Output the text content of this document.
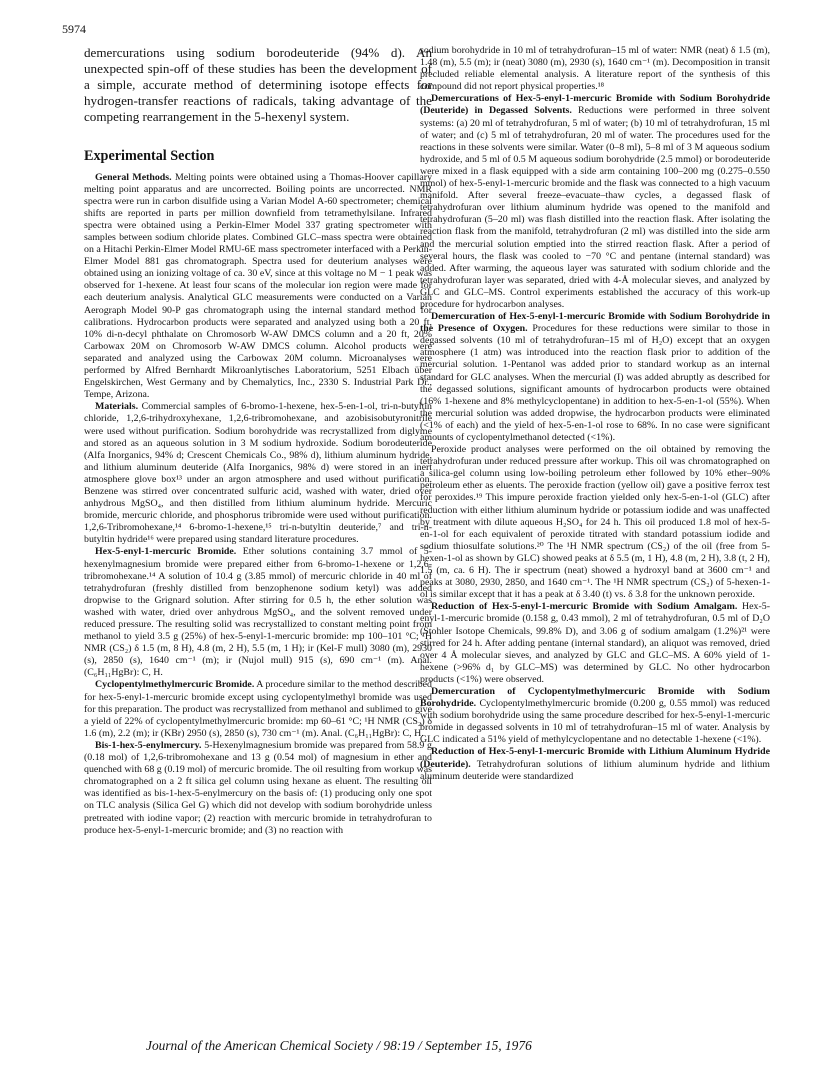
5974

demercurations using sodium borodeuteride (94% d). An unexpected spin-off of these studies has been the development of a simple, accurate method of determining isotope effects for hydrogen-transfer reactions of radicals, taking advantage of the competing rearrangement in the 5-hexenyl system.

Experimental Section

General Methods. Melting points were obtained using a Thomas-Hoover capillary melting point apparatus and are uncorrected. Boiling points are uncorrected. NMR spectra were run in carbon disulfide using a Varian Model A-60 spectrometer; chemical shifts are reported in parts per million downfield from tetramethylsilane. Infrared spectra were obtained using a Perkin-Elmer Model 337 grating spectrometer with samples between sodium chloride plates. Combined GLC–mass spectra were obtained on a Hitachi Perkin-Elmer Model RMU-6E mass spectrometer interfaced with a Perkin-Elmer Model 881 gas chromatograph. Spectra used for deuterium analyses were obtained using an ionizing voltage of ca. 30 eV, since at this voltage no M − 1 peak was observed for 1-hexene. At least four scans of the molecular ion region were made for each deuterium analysis. Analytical GLC measurements were conducted on a Varian Aerograph Model 90-P gas chromatograph using the internal standard method for calibrations. Hydrocarbon products were separated and analyzed using both a 20 ft, 10% di-n-decyl phthalate on Chromosorb W-AW DMCS column and a 20 ft, 20% Carbowax 20M on Chromosorb W-AW DMCS column. Alcohol products were separated and analyzed using the Carbowax 20M column. Microanalyses were performed by Alfred Bernhardt Mikroanlytisches Laboratorium, 5251 Elbach über Engelskirchen, West Germany and by Chemalytics, Inc., 2330 S. Industrial Park Dr., Tempe, Arizona.

Materials. Commercial samples of 6-bromo-1-hexene, hex-5-en-1-ol, tri-n-butyltin chloride, 1,2,6-trihydroxyhexane, 1,2,6-tribromohexane, and azobisisobutyronitrile were used without purification. Sodium borohydride was recrystallized from diglyme and stored as an aqueous solution in 3 M sodium hydroxide. Sodium borodeuteride (Alfa Inorganics, 94% d; Crescent Chemicals Co., 98% d), lithium aluminum hydride, and lithium aluminum deuteride (Alfa Inorganics, 98% d) were stored in an inert atmosphere glove box¹³ under an argon atmosphere and used without purification. Benzene was stirred over concentrated sulfuric acid, washed with water, dried over anhydrous MgSO₄, and then distilled from lithium aluminum hydride. Mercuric bromide, mercuric chloride, and phosphorus tribromide were used without purification. 1,2,6-Tribromohexane,¹⁴ 6-bromo-1-hexene,¹⁵ tri-n-butyltin deuteride,⁷ and tri-n-butyltin hydride¹⁶ were prepared using standard literature procedures.

Hex-5-enyl-1-mercuric Bromide. Ether solutions containing 3.7 mmol of 5-hexenylmagnesium bromide were prepared either from 6-bromo-1-hexene or 1,2,6-tribromohexane.¹⁴ A solution of 10.4 g (3.85 mmol) of mercuric chloride in 40 ml of tetrahydrofuran (freshly distilled from benzophenone sodium ketyl) was added dropwise to the Grignard solution. After stirring for 0.5 h, the ether solution was washed with water, dried over anhydrous MgSO₄, and the solvent removed under reduced pressure. The resulting solid was recrystallized to constant melting point from methanol to yield 3.5 g (25%) of hex-5-enyl-1-mercuric bromide: mp 100–101 °C; ¹H NMR (CS₂) δ 1.5 (m, 8 H), 4.8 (m, 2 H), 5.5 (m, 1 H); ir (Kel-F mull) 3080 (m), 2930 (s), 2850 (s), 1640 cm⁻¹ (m); ir (Nujol mull) 915 (s), 690 cm⁻¹ (m). Anal. (C₆H₁₁HgBr): C, H.

Cyclopentylmethylmercuric Bromide. A procedure similar to the method described for hex-5-enyl-1-mercuric bromide except using cyclopentylmethyl bromide was used for this preparation. The product was recrystallized from methanol and sublimed to give a yield of 22% of cyclopentylmethylmercuric bromide: mp 60–61 °C; ¹H NMR (CS₂) δ 1.6 (m), 2.2 (m); ir (KBr) 2950 (s), 2850 (s), 730 cm⁻¹ (m). Anal. (C₆H₁₁HgBr): C, H.

Bis-1-hex-5-enylmercury. 5-Hexenylmagnesium bromide was prepared from 58.9 g (0.18 mol) of 1,2,6-tribromohexane and 13 g (0.54 mol) of magnesium in ether and quenched with 68 g (0.19 mol) of mercuric bromide. The oil resulting from workup was chromatographed on a 2 ft silica gel column using hexane as eluent. The resulting oil was identified as bis-1-hex-5-enylmercury on the basis of: (1) producing only one spot on TLC analysis (Silica Gel G) which did not develop with sodium borohydride unless pretreated with iodine vapor; (2) reaction with mercuric bromide in tetrahydrofuran to produce hex-5-enyl-1-mercuric bromide; and (3) no reaction with

sodium borohydride in 10 ml of tetrahydrofuran–15 ml of water: NMR (neat) δ 1.5 (m), 1.48 (m), 5.5 (m); ir (neat) 3080 (m), 2930 (s), 1640 cm⁻¹ (m). Decomposition in transit precluded reliable elemental analysis. A literature report of the synthesis of this compound did not report physical properties.¹⁸

Demercurations of Hex-5-enyl-1-mercuric Bromide with Sodium Borohydride (Deuteride) in Degassed Solvents. Reductions were performed in three solvent systems: (a) 20 ml of tetrahydrofuran, 5 ml of water; (b) 10 ml of tetrahydrofuran, 15 ml of water; and (c) 5 ml of tetrahydrofuran, 20 ml of water. The procedures used for the reactions in these solvents were similar. Water (0–8 ml), 5–8 ml of 3 M aqueous sodium hydroxide, and 5 ml of 0.5 M aqueous sodium borohydride (2.5 mmol) or borodeuteride were mixed in a flask equipped with a side arm containing 100–200 mg (0.275–0.550 mmol) of hex-5-enyl-1-mercuric bromide and the flask was connected to a high vacuum manifold. After several freeze–evacuate–thaw cycles, a degassed flask of tetrahydrofuran over lithium aluminum hydride was opened to the manifold and tetrahydrofuran (5–20 ml) was flash distilled into the reaction flask. After isolating the reaction flask from the manifold, tetrahydrofuran (2 ml) was distilled into the side arm and the mercurial solution emptied into the stirred reaction flask. After a period of several hours, the flask was cooled to −70 °C and pentane (internal standard) was added. After warming, the aqueous layer was saturated with sodium chloride and the tetrahydrofuran layer was separated, dried with 4-Å molecular sieves, and analyzed by GLC and GLC–MS. Control experiments established the accuracy of this work-up procedure for hydrocarbon analyses.

Demercuration of Hex-5-enyl-1-mercuric Bromide with Sodium Borohydride in the Presence of Oxygen. Procedures for these reductions were similar to those in degassed solvents (10 ml of tetrahydrofuran–15 ml of H₂O) except that an oxygen atmosphere (1 atm) was introduced into the reaction flask prior to addition of the mercurial solution. 1-Pentanol was added prior to standard workup as an internal standard for GLC analyses. When the mercurial (I) was added abruptly as described for the degassed solutions, significant amounts of hydrocarbon products were obtained (16% 1-hexene and 8% methylcyclopentane) in addition to hex-5-en-1-ol (55%). When the mercurial solution was added dropwise, the hydrocarbon products were eliminated (<1% of each) and the yield of hex-5-en-1-ol rose to 68%. In no case were significant amounts of cyclopentylmethanol detected (<1%).

Peroxide product analyses were performed on the oil obtained by removing the tetrahydrofuran under reduced pressure after workup. This oil was chromatographed on a silica-gel column using low-boiling petroleum ether followed by 10% ether–90% petroleum ether as eluents. The peroxide fraction (yellow oil) gave a positive ferrox test for peroxides.¹⁹ This impure peroxide fraction yielded only hex-5-en-1-ol (GLC) after reduction with either lithium aluminum hydride or potassium iodide and was unaffected by treatment with dilute aqueous H₂SO₄ for 24 h. This oil produced 1.8 mol of hex-5-en-1-ol for each equivalent of peroxide titrated with standard potassium iodide and sodium thiosulfate solutions.²⁰ The ¹H NMR spectrum (CS₂) of the oil (free from 5-hexen-1-ol as shown by GLC) showed peaks at δ 5.5 (m, 1 H), 4.8 (m, 2 H), 3.8 (t, 2 H), 1.5 (m, ca. 6 H). The ir spectrum (neat) showed a hydroxyl band at 3600 cm⁻¹ and peaks at 3080, 2930, 2850, and 1640 cm⁻¹. The ¹H NMR spectrum (CS₂) of 5-hexen-1-ol is similar except that it has a peak at δ 3.40 (t) vs. δ 3.8 for the unknown peroxide.

Reduction of Hex-5-enyl-1-mercuric Bromide with Sodium Amalgam. Hex-5-enyl-1-mercuric bromide (0.158 g, 0.43 mmol), 2 ml of tetrahydrofuran, 0.5 ml of D₂O (Stohler Isotope Chemicals, 99.8% D), and 3.06 g of sodium amalgam (1.2%)²¹ were stirred for 24 h. After adding pentane (internal standard), an aliquot was removed, dried over 4 Å molecular sieves, and analyzed by GLC and GLC–MS. A 60% yield of 1-hexene (>96% d₁ by GLC–MS) was determined by GLC. No other hydrocarbon products (<1%) were observed.

Demercuration of Cyclopentylmethylmercuric Bromide with Sodium Borohydride. Cyclopentylmethylmercuric bromide (0.200 g, 0.55 mmol) was reduced with sodium borohydride using the same procedure described for hex-5-enyl-1-mercuric bromide in degassed solvents in 10 ml of tetrahydrofuran–15 ml of water. Analysis by GLC indicated a 51% yield of methylcyclopentane and no detectable 1-hexene (<1%).

Reduction of Hex-5-enyl-1-mercuric Bromide with Lithium Aluminum Hydride (Deuteride). Tetrahydrofuran solutions of lithium aluminum hydride and lithium aluminum deuteride were standardized

Journal of the American Chemical Society / 98:19 / September 15, 1976
